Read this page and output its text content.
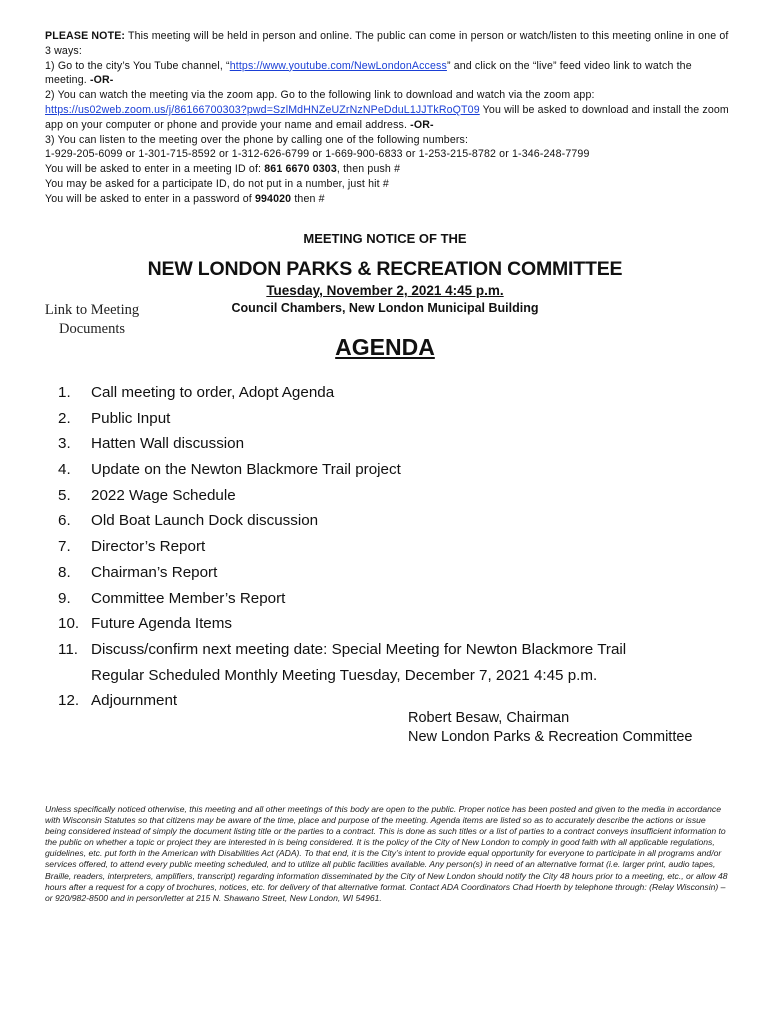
PLEASE NOTE: This meeting will be held in person and online. The public can come in person or watch/listen to this meeting online in one of 3 ways:

1) Go to the city’s You Tube channel, “https://www.youtube.com/NewLondonAccess” and click on the “live” feed video link to watch the meeting. -OR-

2) You can watch the meeting via the zoom app. Go to the following link to download and watch via the zoom app: https://us02web.zoom.us/j/86166700303?pwd=SzlMdHNZeUZrNzNPeDduL1JJTkRoQT09 You will be asked to download and install the zoom app on your computer or phone and provide your name and email address. -OR-

3) You can listen to the meeting over the phone by calling one of the following numbers:

1-929-205-6099 or 1-301-715-8592 or 1-312-626-6799 or 1-669-900-6833 or 1-253-215-8782 or 1-346-248-7799

You will be asked to enter in a meeting ID of: 861 6670 0303, then push #

You may be asked for a participate ID, do not put in a number, just hit #

You will be asked to enter in a password of 994020 then #

MEETING NOTICE OF THE
NEW LONDON PARKS & RECREATION COMMITTEE
Tuesday, November 2, 2021 4:45 p.m.
Council Chambers, New London Municipal Building
Link to Meeting Documents
AGENDA
1.	Call meeting to order, Adopt Agenda
2.	Public Input
3.	Hatten Wall discussion
4.	Update on the Newton Blackmore Trail project
5.	2022 Wage Schedule
6.	Old Boat Launch Dock discussion
7.	Director’s Report
8.	Chairman’s Report
9.	Committee Member’s Report
10. Future Agenda Items
11. Discuss/confirm next meeting date: Special Meeting for Newton Blackmore Trail
Regular Scheduled Monthly Meeting Tuesday, December 7, 2021 4:45 p.m.
12. Adjournment
Robert Besaw, Chairman
New London Parks & Recreation Committee
Unless specifically noticed otherwise, this meeting and all other meetings of this body are open to the public. Proper notice has been posted and given to the media in accordance with Wisconsin Statutes so that citizens may be aware of the time, place and purpose of the meeting. Agenda items are listed so as to accurately describe the actions or issue being considered instead of simply the document listing title or the parties to a contract. This is done as such titles or a list of parties to a contract conveys insufficient information to the public on whether a topic or project they are interested in is being considered. It is the policy of the City of New London to comply in good faith with all applicable regulations, guidelines, etc. put forth in the American with Disabilities Act (ADA). To that end, it is the City’s intent to provide equal opportunity for everyone to participate in all programs and/or services offered, to attend every public meeting scheduled, and to utilize all public facilities available. Any person(s) in need of an alternative format (i.e. larger print, audio tapes, Braille, readers, interpreters, amplifiers, transcript) regarding information disseminated by the City of New London should notify the City 48 hours prior to a meeting, etc., or allow 48 hours after a request for a copy of brochures, notices, etc. for delivery of that alternative format. Contact ADA Coordinators Chad Hoerth by telephone through: (Relay Wisconsin) – or 920/982-8500 and in person/letter at 215 N. Shawano Street, New London, WI 54961.
